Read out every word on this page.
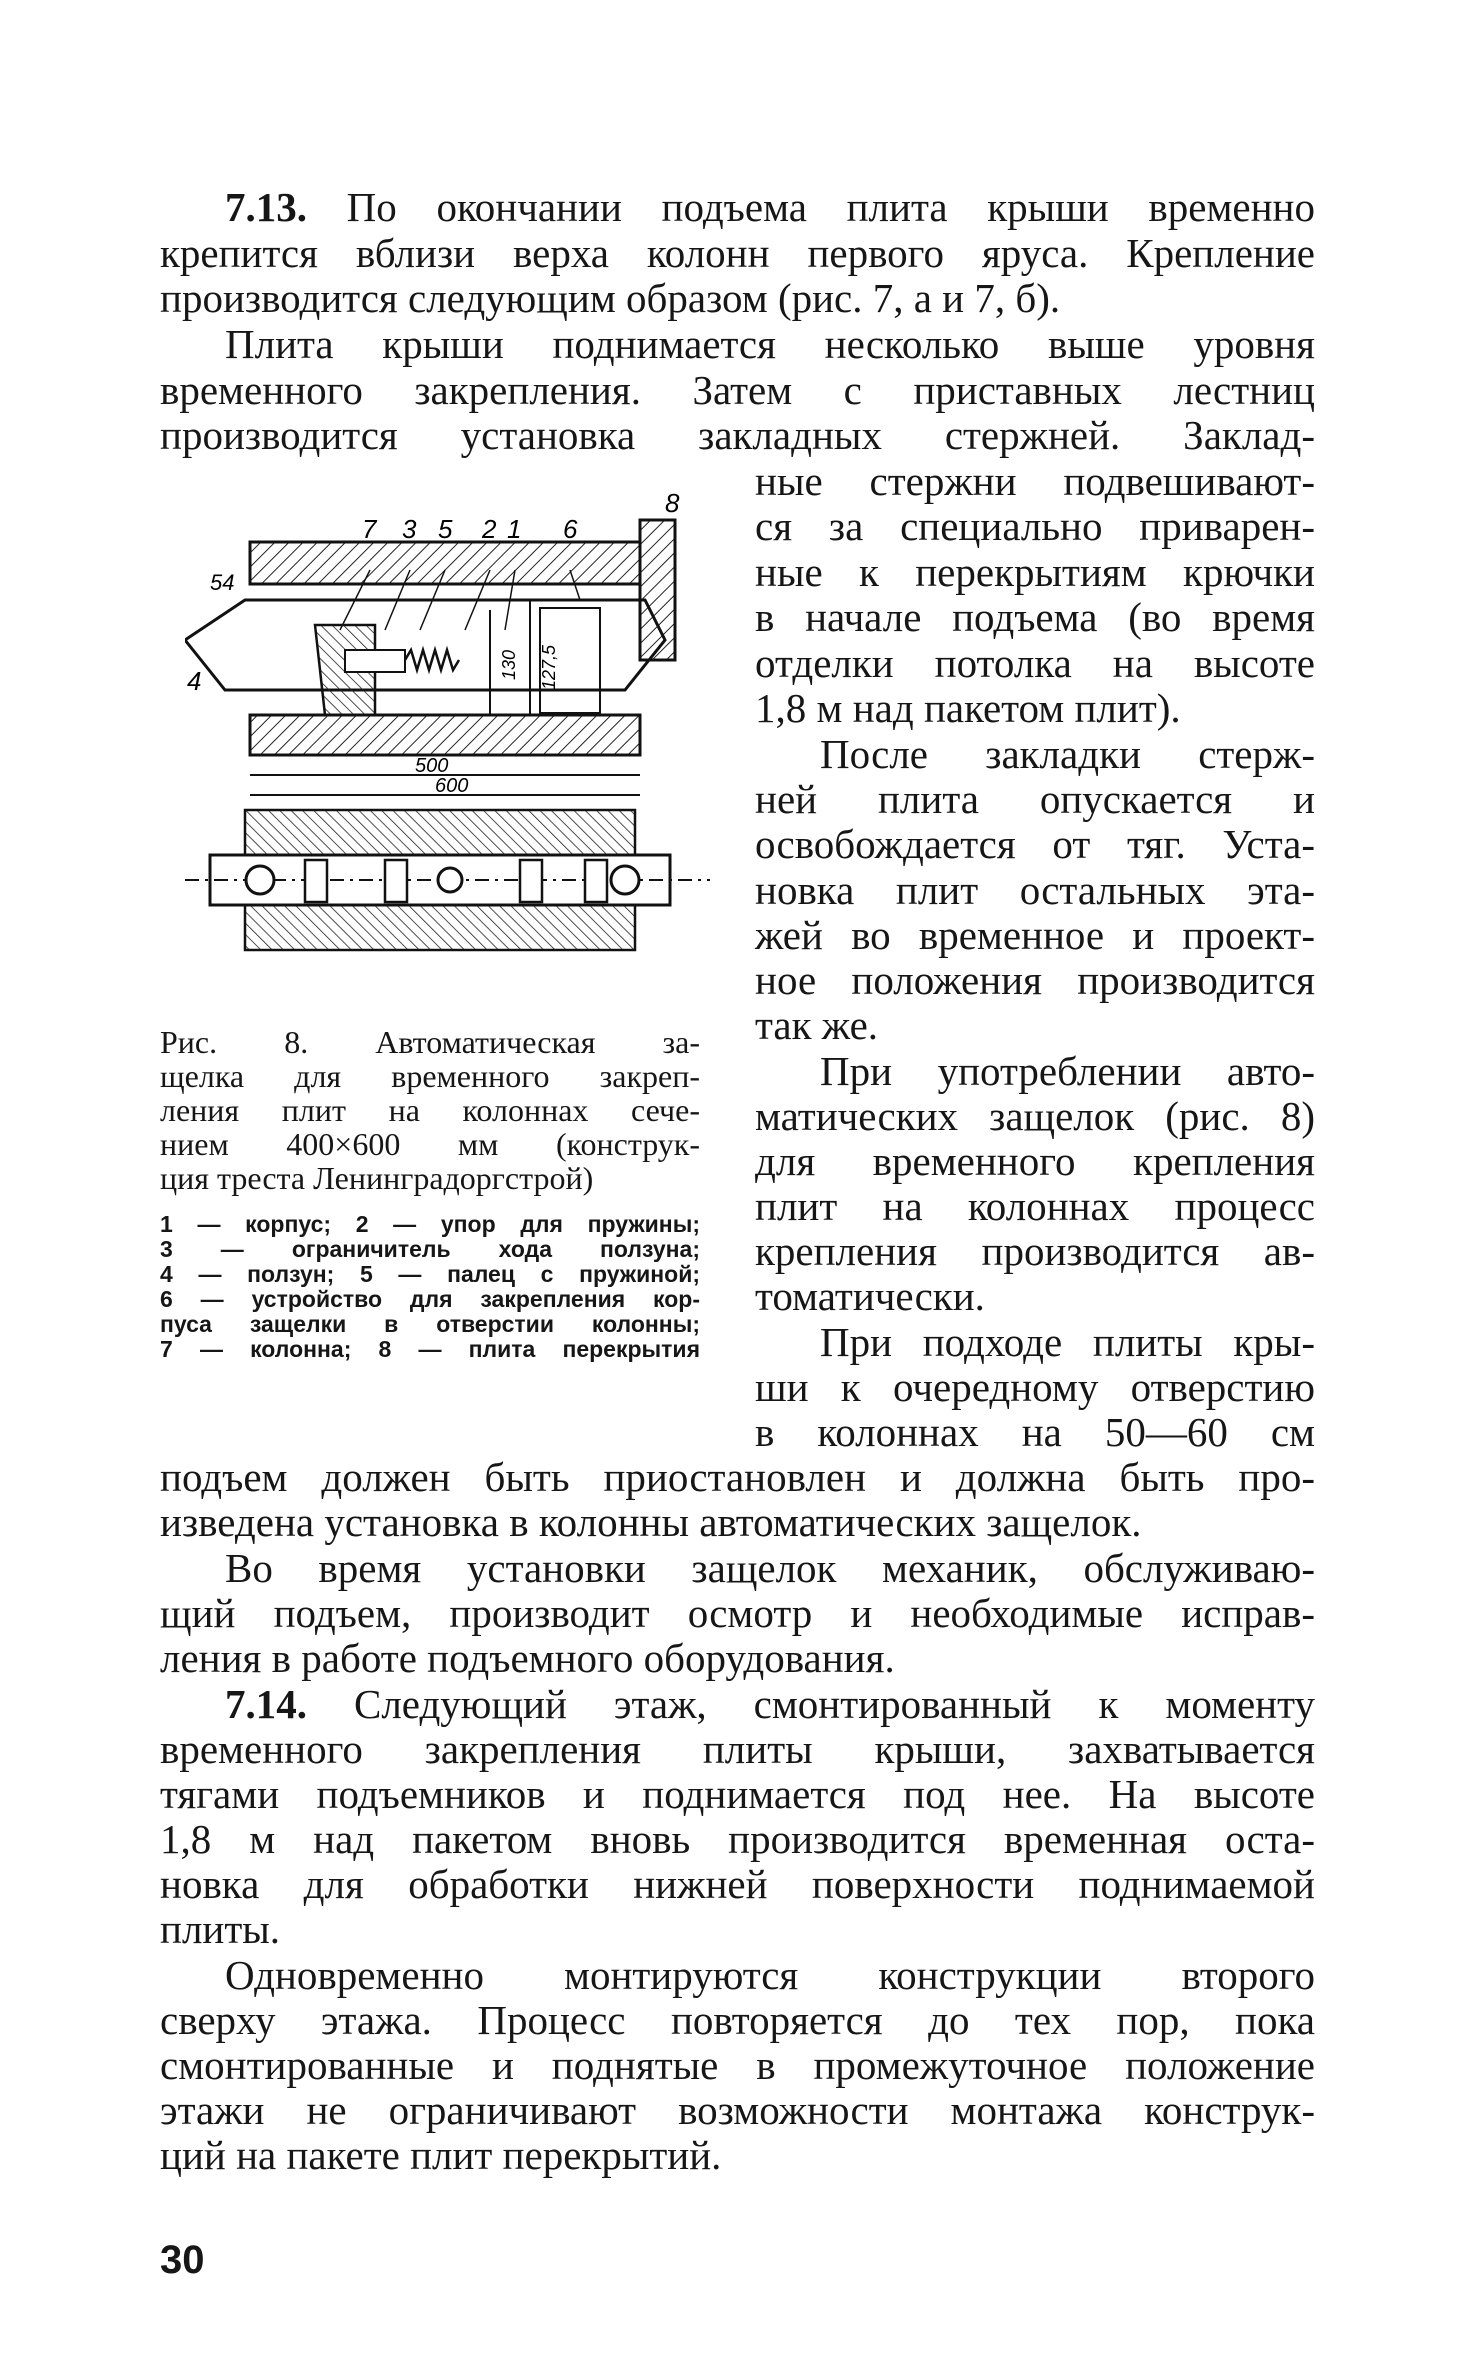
7.13. По окончании подъема плита крыши временно
крепится вблизи верха колонн первого яруса. Крепление
производится следующим образом (рис. 7, а и 7, б).
Плита крыши поднимается несколько выше уровня
временного закрепления. Затем с приставных лестниц
производится установка закладных стержней. Заклад-
ные стержни подвешивают-
ся за специально приварен-
ные к перекрытиям крючки
в начале подъема (во время
отделки потолка на высоте
1,8 м над пакетом плит).
После закладки стерж-
ней плита опускается и
освобождается от тяг. Уста-
новка плит остальных эта-
жей во временное и проект-
ное положения производится
так же.
При употреблении авто-
матических защелок (рис. 8)
для временного крепления
плит на колоннах процесс
крепления производится ав-
томатически.
При подходе плиты кры-
ши к очередному отверстию
в колоннах на 50—60 см
подъем должен быть приостановлен и должна быть про-
изведена установка в колонны автоматических защелок.
Во время установки защелок механик, обслуживаю-
щий подъем, производит осмотр и необходимые исправ-
ления в работе подъемного оборудования.
7.14. Следующий этаж, смонтированный к моменту
временного закрепления плиты крыши, захватывается
тягами подъемников и поднимается под нее. На высоте
1,8 м над пакетом вновь производится временная оста-
новка для обработки нижней поверхности поднимаемой
плиты.
Одновременно монтируются конструкции второго
сверху этажа. Процесс повторяется до тех пор, пока
смонтированные и поднятые в промежуточное положение
этажи не ограничивают возможности монтажа конструк-
ций на пакете плит перекрытий.
8
7 3 5 2 1 6
54
4
130 127,5
500
600
Рис. 8. Автоматическая за-
щелка для временного закреп-
ления плит на колоннах сече-
нием 400×600 мм (конструк-
ция треста Ленинградоргстрой)
1 — корпус; 2 — упор для пружины;
3 — ограничитель хода ползуна;
4 — ползун; 5 — палец с пружиной;
6 — устройство для закрепления кор-
пуса защелки в отверстии колонны;
7 — колонна; 8 — плита перекрытия
30
